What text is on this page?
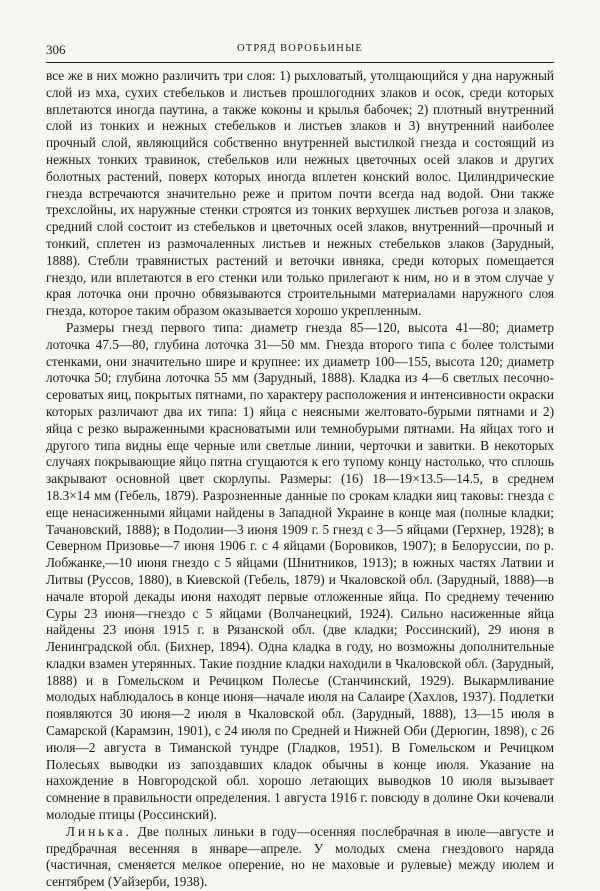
306	ОТРЯД ВОРОБЬИНЫЕ

все же в них можно различить три слоя: 1) рыхловатый, утолщающийся у дна наружный слой из мха, сухих стебельков и листьев прошлогодних злаков и осок, среди которых вплетаются иногда паутина, а также коконы и крылья бабочек; 2) плотный внутренний слой из тонких и нежных стебельков и листьев злаков и 3) внутренний наиболее прочный слой, являющийся собственно внутренней выстилкой гнезда и состоящий из нежных тонких травинок, стебельков или нежных цветочных осей злаков и других болотных растений, поверх которых иногда вплетен конский волос. Цилиндрические гнезда встречаются значительно реже и притом почти всегда над водой. Они также трехслойны, их наружные стенки строятся из тонких верхушек листьев рогоза и злаков, средний слой состоит из стебельков и цветочных осей злаков, внутренний—прочный и тонкий, сплетен из размочаленных листьев и нежных стебельков злаков (Зарудный, 1888). Стебли травянистых растений и веточки ивняка, среди которых помещается гнездо, или вплетаются в его стенки или только прилегают к ним, но и в этом случае у края лоточка они прочно обвязываются строительными материалами наружного слоя гнезда, которое таким образом оказывается хорошо укрепленным.

Размеры гнезд первого типа: диаметр гнезда 85—120, высота 41—80; диаметр лоточка 47.5—80, глубина лоточка 31—50 мм. Гнезда второго типа с более толстыми стенками, они значительно шире и крупнее: их диаметр 100—155, высота 120; диаметр лоточка 50; глубина лоточка 55 мм (Зарудный, 1888). Кладка из 4—6 светлых песочно-сероватых яиц, покрытых пятнами, по характеру расположения и интенсивности окраски которых различают два их типа: 1) яйца с неясными желтовато-бурыми пятнами и 2) яйца с резко выраженными красноватыми или темнобурыми пятнами. На яйцах того и другого типа видны еще черные или светлые линии, черточки и завитки. В некоторых случаях покрывающие яйцо пятна сгущаются к его тупому концу настолько, что сплошь закрывают основной цвет скорлупы. Размеры: (16) 18—19×13.5—14.5, в среднем 18.3×14 мм (Гебель, 1879). Разрозненные данные по срокам кладки яиц таковы: гнезда с еще ненасиженными яйцами найдены в Западной Украине в конце мая (полные кладки; Тачановский, 1888); в Подолии—3 июня 1909 г. 5 гнезд с 3—5 яйцами (Герхнер, 1928); в Северном Призовье—7 июня 1906 г. с 4 яйцами (Боровиков, 1907); в Белоруссии, по р. Лобжанке,—10 июня гнездо с 5 яйцами (Шнитников, 1913); в южных частях Латвии и Литвы (Руссов, 1880), в Киевской (Гебель, 1879) и Чкаловской обл. (Зарудный, 1888)—в начале второй декады июня находят первые отложенные яйца. По среднему течению Суры 23 июня—гнездо с 5 яйцами (Волчанецкий, 1924). Сильно насиженные яйца найдены 23 июня 1915 г. в Рязанской обл. (две кладки; Россинский), 29 июня в Ленинградской обл. (Бихнер, 1894). Одна кладка в году, но возможны дополнительные кладки взамен утерянных. Такие поздние кладки находили в Чкаловской обл. (Зарудный, 1888) и в Гомельском и Речицком Полесье (Станчинский, 1929). Выкармливание молодых наблюдалось в конце июня—начале июля на Салаире (Хахлов, 1937). Подлетки появляются 30 июня—2 июля в Чкаловской обл. (Зарудный, 1888), 13—15 июля в Самарской (Карамзин, 1901), с 24 июля по Средней и Нижней Оби (Дерюгин, 1898), с 26 июля—2 августа в Тиманской тундре (Гладков, 1951). В Гомельском и Речицком Полесьях выводки из запоздавших кладок обычны в конце июля. Указание на нахождение в Новгородской обл. хорошо летающих выводков 10 июля вызывает сомнение в правильности определения. 1 августа 1916 г. повсюду в долине Оки кочевали молодые птицы (Россинский).

Линька. Две полных линьки в году—осенняя послебрачная в июле—августе и предбрачная весенняя в январе—апреле. У молодых смена гнездового наряда (частичная, сменяется мелкое оперение, но не маховые и рулевые) между июлем и сентябрем (Уайзерби, 1938).
